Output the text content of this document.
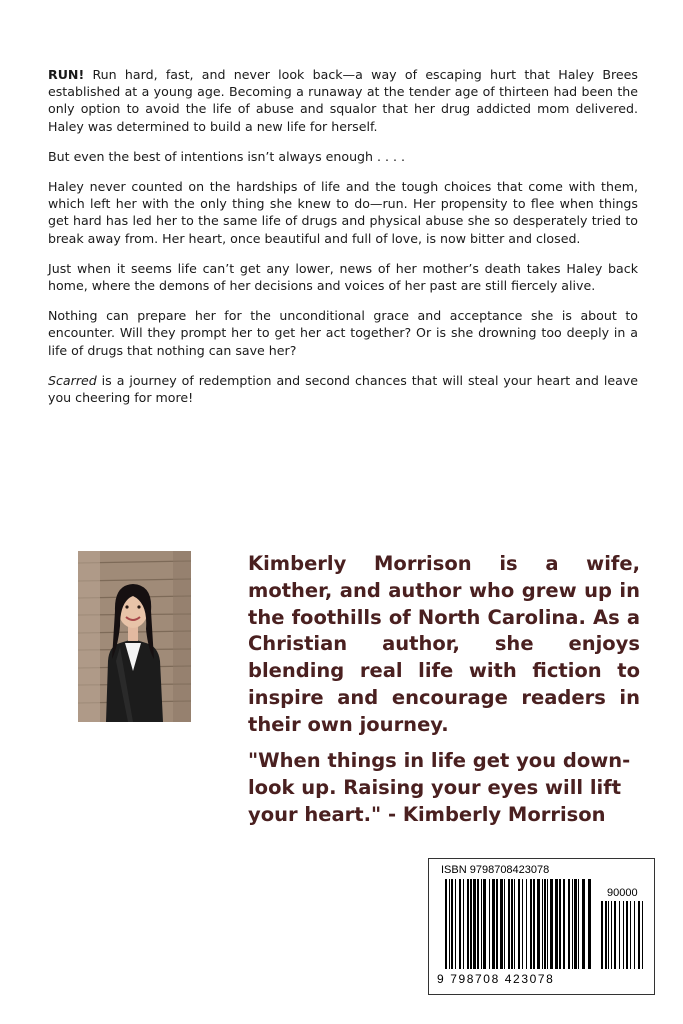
RUN! Run hard, fast, and never look back—a way of escaping hurt that Haley Brees established at a young age. Becoming a runaway at the tender age of thirteen had been the only option to avoid the life of abuse and squalor that her drug addicted mom delivered. Haley was determined to build a new life for herself.

But even the best of intentions isn’t always enough . . . .

Haley never counted on the hardships of life and the tough choices that come with them, which left her with the only thing she knew to do—run. Her propensity to flee when things get hard has led her to the same life of drugs and physical abuse she so desperately tried to break away from. Her heart, once beautiful and full of love, is now bitter and closed.

Just when it seems life can’t get any lower, news of her mother’s death takes Haley back home, where the demons of her decisions and voices of her past are still fiercely alive.

Nothing can prepare her for the unconditional grace and acceptance she is about to encounter. Will they prompt her to get her act together? Or is she drowning too deeply in a life of drugs that nothing can save her?

Scarred is a journey of redemption and second chances that will steal your heart and leave you cheering for more!

Kimberly Morrison is a wife, mother, and author who grew up in the foothills of North Carolina. As a Christian author, she enjoys blending real life with fiction to inspire and encourage readers in their own journey.
"When things in life get you down-look up. Raising your eyes will lift your heart." - Kimberly Morrison
ISBN 9798708423078
90000
9 798708 423078
